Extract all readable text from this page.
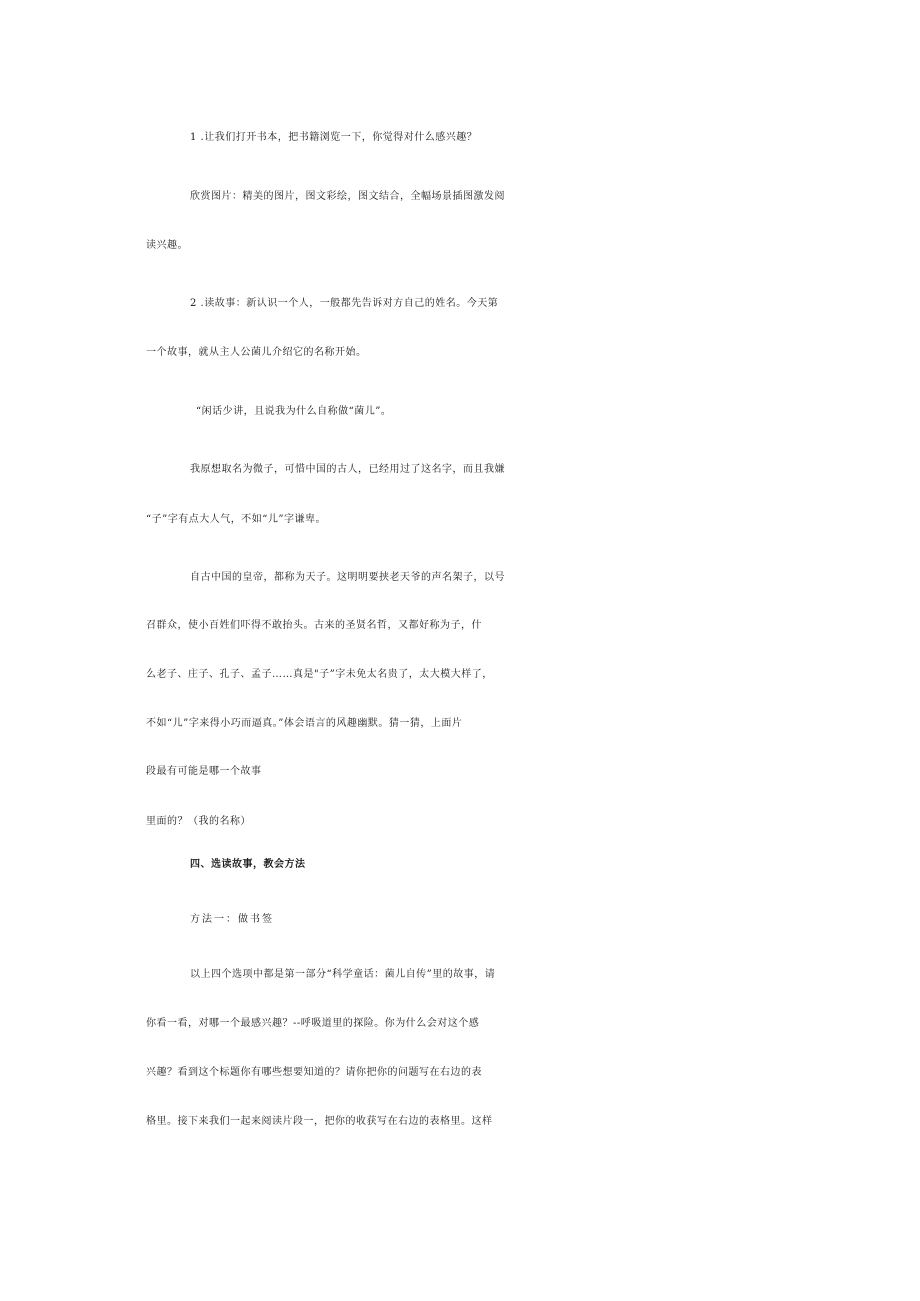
1 .让我们打开书本，把书籍浏览一下，你觉得对什么感兴趣？
欣赏图片：精美的图片，图文彩绘，图文结合，全幅场景插图激发阅
读兴趣。
2 .读故事：新认识一个人，一般都先告诉对方自己的姓名。今天第
一个故事，就从主人公菌儿介绍它的名称开始。
“闲话少讲，且说我为什么自称做“菌儿”。
我原想取名为微子，可惜中国的古人，已经用过了这名字，而且我嫌
“子”字有点大人气，不如“儿”字谦卑。
自古中国的皇帝，都称为天子。这明明要挟老天爷的声名架子，以号
召群众，使小百姓们吓得不敢抬头。古来的圣贤名哲，又都好称为子，什
么老子、庄子、孔子、孟子……真是"子”字未免太名贵了，太大模大样了，
不如“儿”字来得小巧而逼真。”体会语言的风趣幽默。猜一猜，上面片
段最有可能是哪一个故事
里面的？（我的名称）
四、选读故事，教会方法
方法一：做书签
以上四个选项中都是第一部分“科学童话：菌儿自传”里的故事，请
你看一看，对哪一个最感兴趣？--呼吸道里的探险。你为什么会对这个感
兴趣？看到这个标题你有哪些想要知道的？请你把你的问题写在右边的表
格里。接下来我们一起来阅读片段一，把你的收获写在右边的表格里。这样
